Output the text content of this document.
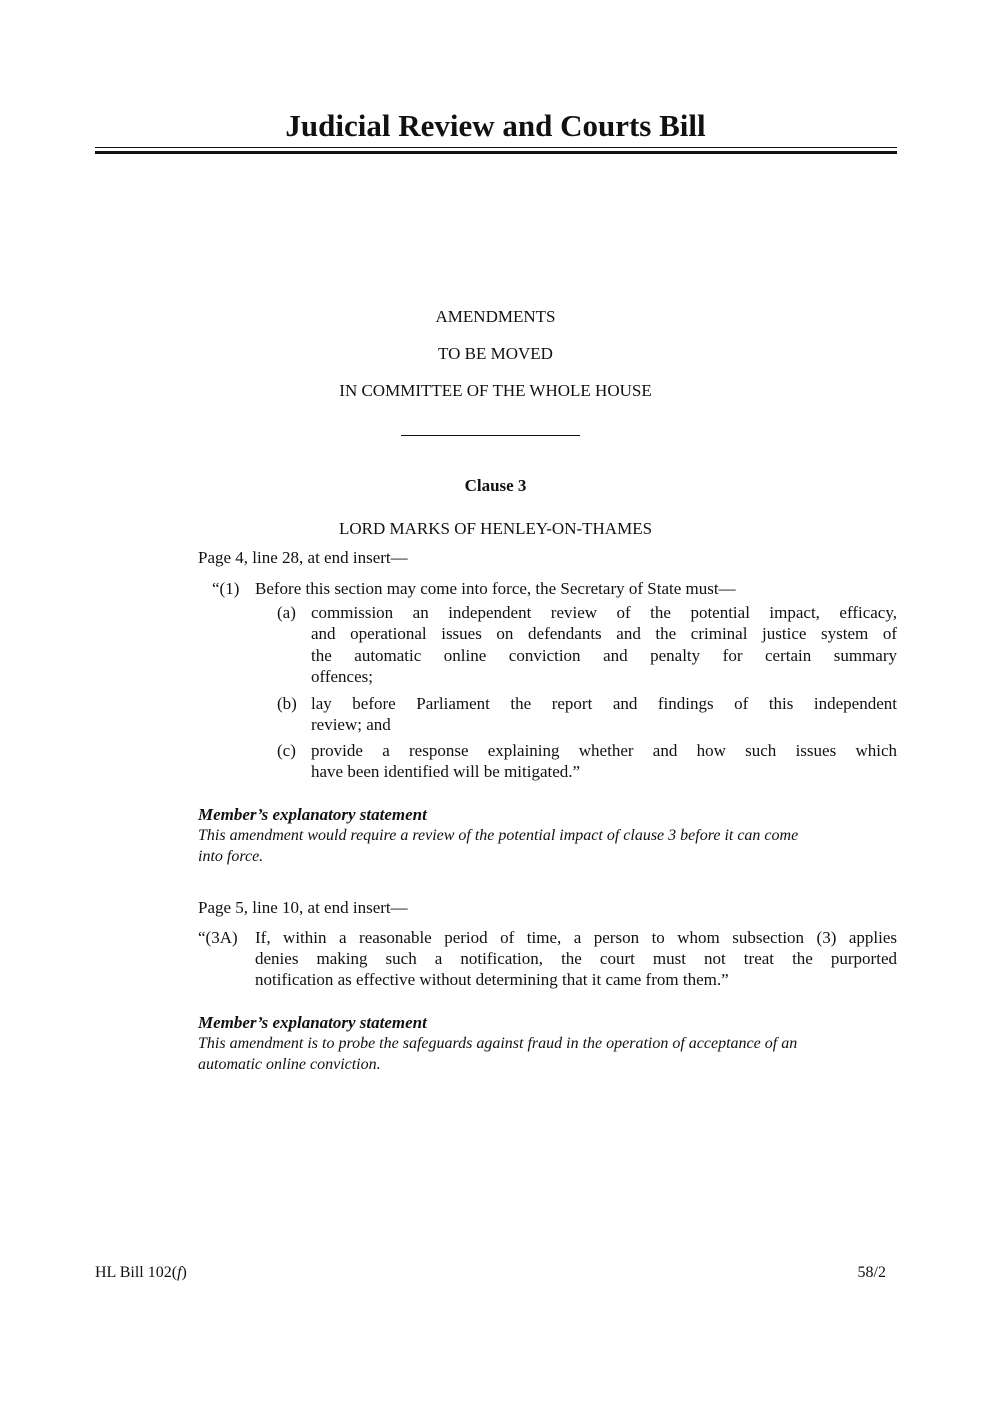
Judicial Review and Courts Bill
AMENDMENTS
TO BE MOVED
IN COMMITTEE OF THE WHOLE HOUSE
Clause 3
LORD MARKS OF HENLEY-ON-THAMES
Page 4, line 28, at end insert—
“(1) Before this section may come into force, the Secretary of State must—
(a) commission an independent review of the potential impact, efficacy,
and operational issues on defendants and the criminal justice system of
the automatic online conviction and penalty for certain summary
offences;
(b) lay before Parliament the report and findings of this independent
review; and
(c) provide a response explaining whether and how such issues which
have been identified will be mitigated.”
Member’s explanatory statement
This amendment would require a review of the potential impact of clause 3 before it can come
into force.
Page 5, line 10, at end insert—
“(3A) If, within a reasonable period of time, a person to whom subsection (3) applies
denies making such a notification, the court must not treat the purported
notification as effective without determining that it came from them.”
Member’s explanatory statement
This amendment is to probe the safeguards against fraud in the operation of acceptance of an
automatic online conviction.
HL Bill 102(f)	58/2
